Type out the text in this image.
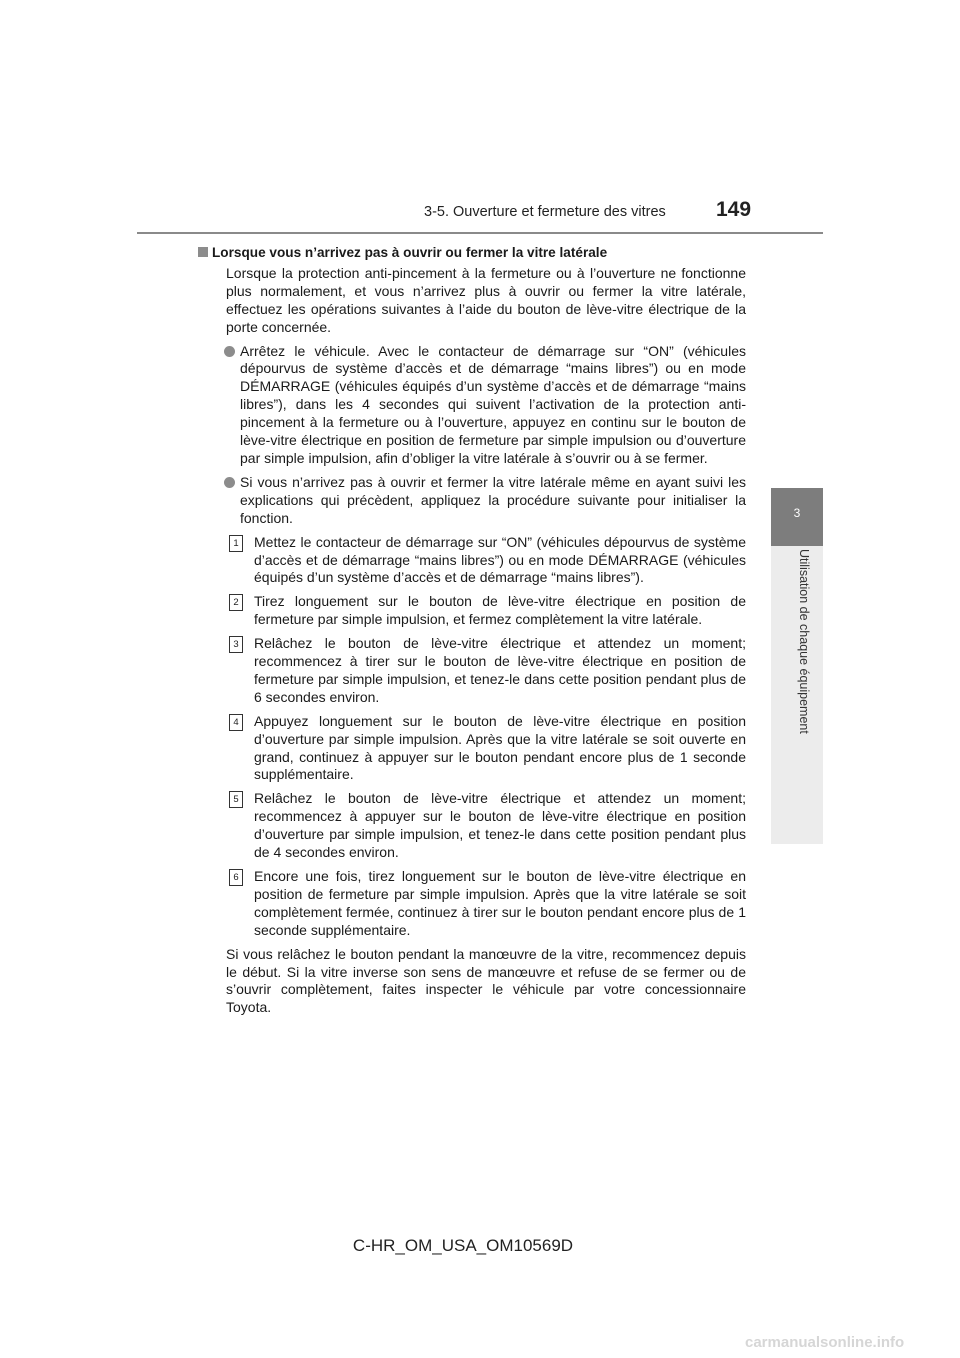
3-5. Ouverture et fermeture des vitres 149
3
Utilisation de chaque équipement
Lorsque vous n’arrivez pas à ouvrir ou fermer la vitre latérale

Lorsque la protection anti-pincement à la fermeture ou à l’ouverture ne fonctionne plus normalement, et vous n’arrivez plus à ouvrir ou fermer la vitre latérale, effectuez les opérations suivantes à l’aide du bouton de lève-vitre électrique de la porte concernée.

Arrêtez le véhicule. Avec le contacteur de démarrage sur “ON” (véhicules dépourvus de système d’accès et de démarrage “mains libres”) ou en mode DÉMARRAGE (véhicules équipés d’un système d’accès et de démarrage “mains libres”), dans les 4 secondes qui suivent l’activation de la protection anti-pincement à la fermeture ou à l’ouverture, appuyez en continu sur le bouton de lève-vitre électrique en position de fermeture par simple impulsion ou d’ouverture par simple impulsion, afin d’obliger la vitre latérale à s’ouvrir ou à se fermer.

Si vous n’arrivez pas à ouvrir et fermer la vitre latérale même en ayant suivi les explications qui précèdent, appliquez la procédure suivante pour initialiser la fonction.

1	Mettez le contacteur de démarrage sur “ON” (véhicules dépourvus de système d’accès et de démarrage “mains libres”) ou en mode DÉMARRAGE (véhicules équipés d’un système d’accès et de démarrage “mains libres”).

2	Tirez longuement sur le bouton de lève-vitre électrique en position de fermeture par simple impulsion, et fermez complètement la vitre latérale.

3	Relâchez le bouton de lève-vitre électrique et attendez un moment; recommencez à tirer sur le bouton de lève-vitre électrique en position de fermeture par simple impulsion, et tenez-le dans cette position pendant plus de 6 secondes environ.

4	Appuyez longuement sur le bouton de lève-vitre électrique en position d’ouverture par simple impulsion. Après que la vitre latérale se soit ouverte en grand, continuez à appuyer sur le bouton pendant encore plus de 1 seconde supplémentaire.

5	Relâchez le bouton de lève-vitre électrique et attendez un moment; recommencez à appuyer sur le bouton de lève-vitre électrique en position d’ouverture par simple impulsion, et tenez-le dans cette position pendant plus de 4 secondes environ.

6	Encore une fois, tirez longuement sur le bouton de lève-vitre électrique en position de fermeture par simple impulsion. Après que la vitre latérale se soit complètement fermée, continuez à tirer sur le bouton pendant encore plus de 1 seconde supplémentaire.

Si vous relâchez le bouton pendant la manœuvre de la vitre, recommencez depuis le début. Si la vitre inverse son sens de manœuvre et refuse de se fermer ou de s’ouvrir complètement, faites inspecter le véhicule par votre concessionnaire Toyota.

C-HR_OM_USA_OM10569D
carmanualsonline.info
